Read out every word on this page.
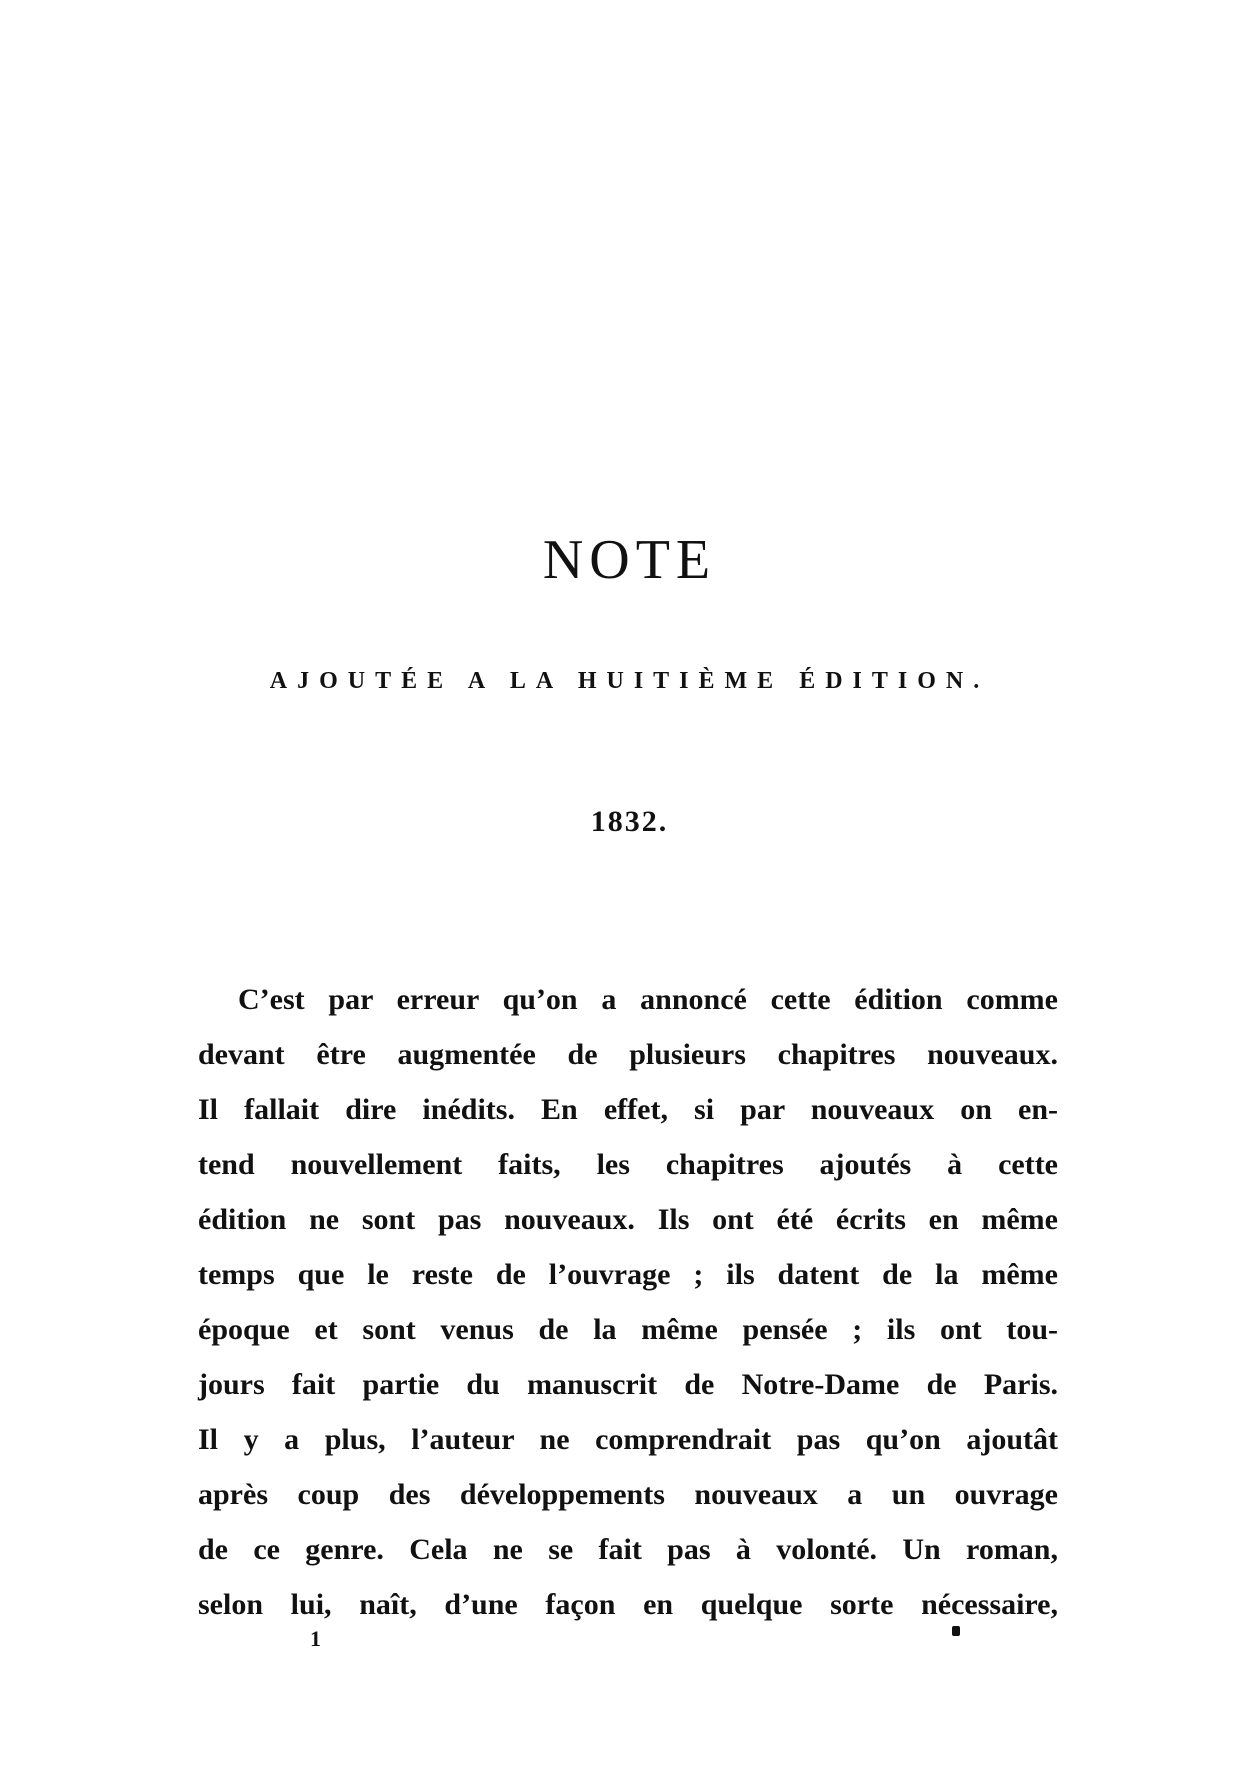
NOTE
AJOUTÉE A LA HUITIÈME ÉDITION.
1832.
C’est par erreur qu’on a annoncé cette édition comme
devant être augmentée de plusieurs chapitres nouveaux.
Il fallait dire inédits. En effet, si par nouveaux on en-
tend nouvellement faits, les chapitres ajoutés à cette
édition ne sont pas nouveaux. Ils ont été écrits en même
temps que le reste de l’ouvrage ; ils datent de la même
époque et sont venus de la même pensée ; ils ont tou-
jours fait partie du manuscrit de Notre-Dame de Paris.
Il y a plus, l’auteur ne comprendrait pas qu’on ajoutât
après coup des développements nouveaux a un ouvrage
de ce genre. Cela ne se fait pas à volonté. Un roman,
selon lui, naît, d’une façon en quelque sorte nécessaire,
1
